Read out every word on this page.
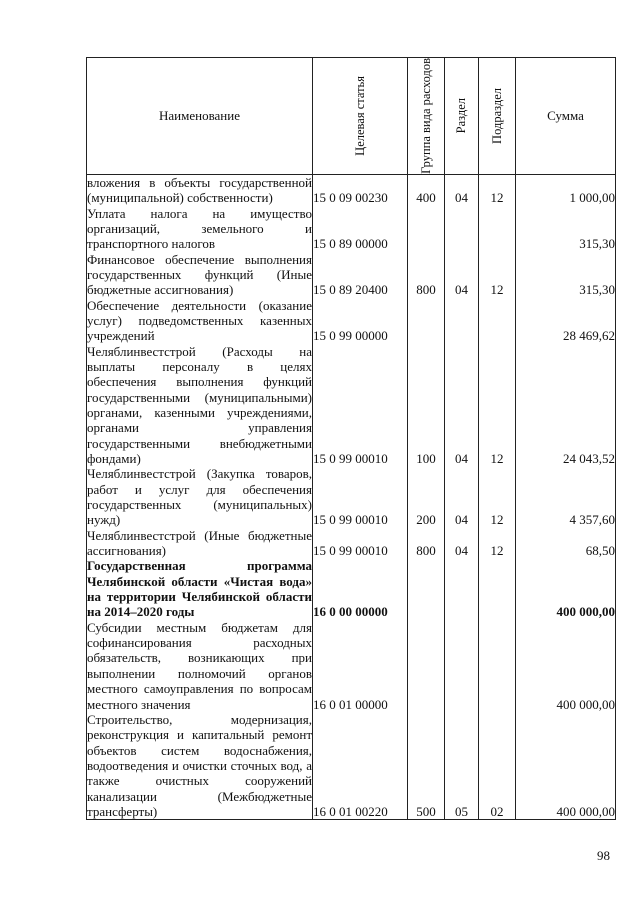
Наименование	Целевая статья	Группа вида расходов	Раздел	Подраздел	Сумма
вложения в объекты государственной (муниципальной) собственности)	15 0 09 00230	400	04	12	1 000,00
Уплата налога на имущество организаций, земельного и транспортного налогов	15 0 89 00000				315,30
Финансовое обеспечение выполнения государственных функций (Иные бюджетные ассигнования)	15 0 89 20400	800	04	12	315,30
Обеспечение деятельности (оказание услуг) подведомственных казенных учреждений	15 0 99 00000				28 469,62
Челяблинвестстрой (Расходы на выплаты персоналу в целях обеспечения выполнения функций государственными (муниципальными) органами, казенными учреждениями, органами управления государственными внебюджетными фондами)	15 0 99 00010	100	04	12	24 043,52
Челяблинвестстрой (Закупка товаров, работ и услуг для обеспечения государственных (муниципальных) нужд)	15 0 99 00010	200	04	12	4 357,60
Челяблинвестстрой (Иные бюджетные ассигнования)	15 0 99 00010	800	04	12	68,50
Государственная программа Челябинской области «Чистая вода» на территории Челябинской области на 2014–2020 годы	16 0 00 00000				400 000,00
Субсидии местным бюджетам для софинансирования расходных обязательств, возникающих при выполнении полномочий органов местного самоуправления по вопросам местного значения	16 0 01 00000				400 000,00
Строительство, модернизация, реконструкция и капитальный ремонт объектов систем водоснабжения, водоотведения и очистки сточных вод, а также очистных сооружений канализации (Межбюджетные трансферты)	16 0 01 00220	500	05	02	400 000,00
98
